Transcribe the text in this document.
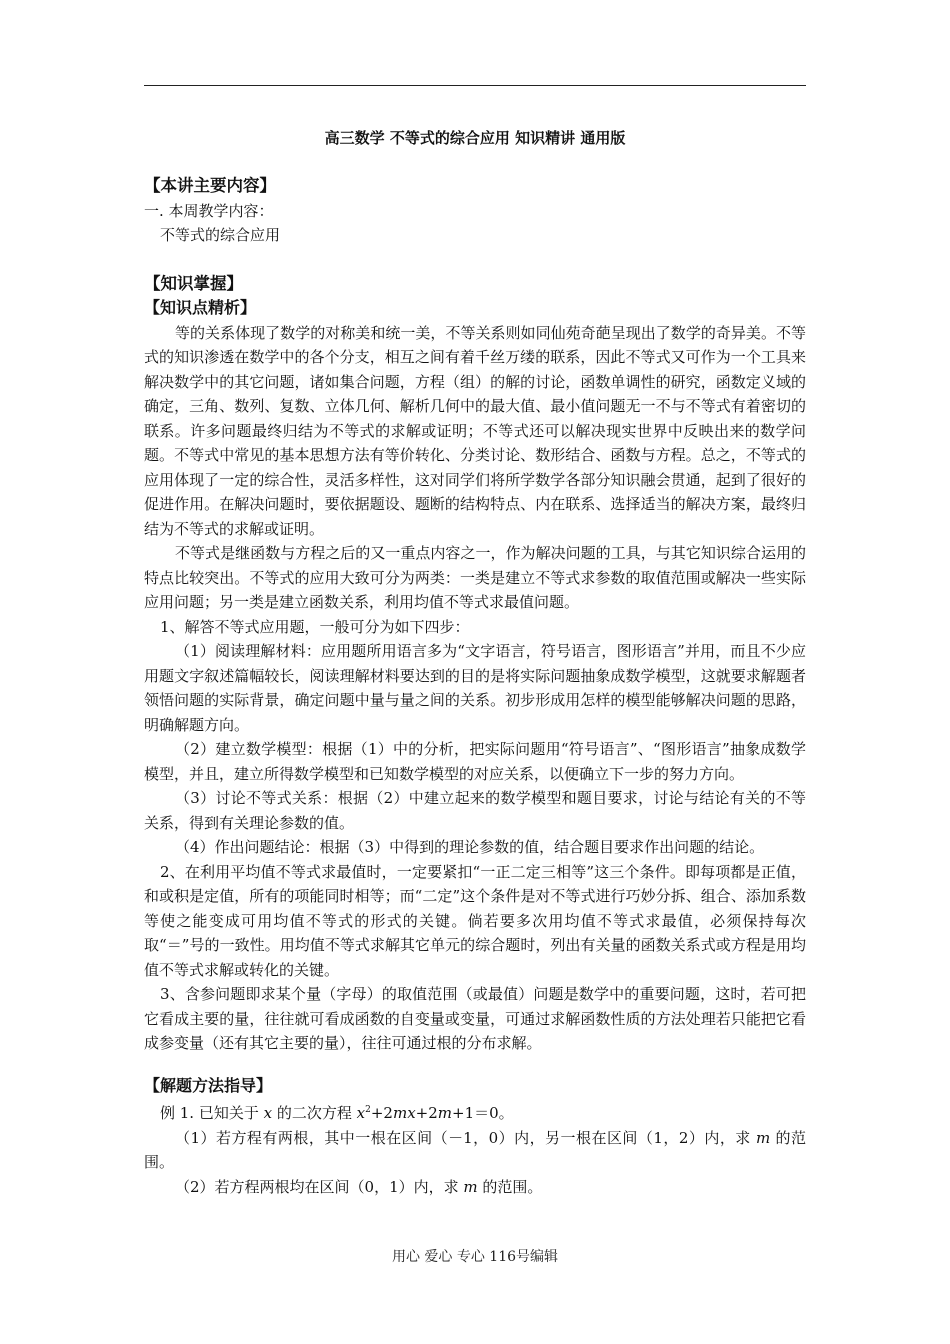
高三数学 不等式的综合应用 知识精讲 通用版

【本讲主要内容】

一. 本周教学内容：

不等式的综合应用

【知识掌握】

【知识点精析】

等的关系体现了数学的对称美和统一美，不等关系则如同仙苑奇葩呈现出了数学的奇异美。不等式的知识渗透在数学中的各个分支，相互之间有着千丝万缕的联系，因此不等式又可作为一个工具来解决数学中的其它问题，诸如集合问题，方程（组）的解的讨论，函数单调性的研究，函数定义域的确定，三角、数列、复数、立体几何、解析几何中的最大值、最小值问题无一不与不等式有着密切的联系。许多问题最终归结为不等式的求解或证明；不等式还可以解决现实世界中反映出来的数学问题。不等式中常见的基本思想方法有等价转化、分类讨论、数形结合、函数与方程。总之，不等式的应用体现了一定的综合性，灵活多样性，这对同学们将所学数学各部分知识融会贯通，起到了很好的促进作用。在解决问题时，要依据题设、题断的结构特点、内在联系、选择适当的解决方案，最终归结为不等式的求解或证明。

不等式是继函数与方程之后的又一重点内容之一，作为解决问题的工具，与其它知识综合运用的特点比较突出。不等式的应用大致可分为两类：一类是建立不等式求参数的取值范围或解决一些实际应用问题；另一类是建立函数关系，利用均值不等式求最值问题。

1、解答不等式应用题，一般可分为如下四步：

（1）阅读理解材料：应用题所用语言多为“文字语言，符号语言，图形语言”并用，而且不少应用题文字叙述篇幅较长，阅读理解材料要达到的目的是将实际问题抽象成数学模型，这就要求解题者领悟问题的实际背景，确定问题中量与量之间的关系。初步形成用怎样的模型能够解决问题的思路，明确解题方向。

（2）建立数学模型：根据（1）中的分析，把实际问题用“符号语言”、“图形语言”抽象成数学模型，并且，建立所得数学模型和已知数学模型的对应关系，以便确立下一步的努力方向。

（3）讨论不等式关系：根据（2）中建立起来的数学模型和题目要求，讨论与结论有关的不等关系，得到有关理论参数的值。

（4）作出问题结论：根据（3）中得到的理论参数的值，结合题目要求作出问题的结论。

2、在利用平均值不等式求最值时，一定要紧扣“一正二定三相等”这三个条件。即每项都是正值，和或积是定值，所有的项能同时相等；而“二定”这个条件是对不等式进行巧妙分拆、组合、添加系数等使之能变成可用均值不等式的形式的关键。倘若要多次用均值不等式求最值，必须保持每次取“＝”号的一致性。用均值不等式求解其它单元的综合题时，列出有关量的函数关系式或方程是用均值不等式求解或转化的关键。

3、含参问题即求某个量（字母）的取值范围（或最值）问题是数学中的重要问题，这时，若可把它看成主要的量，往往就可看成函数的自变量或变量，可通过求解函数性质的方法处理若只能把它看成参变量（还有其它主要的量），往往可通过根的分布求解。

【解题方法指导】

例 1. 已知关于 x 的二次方程 $x^2+2mx+2m+1=0$。

（1）若方程有两根，其中一根在区间（－1，0）内，另一根在区间（1，2）内，求 m 的范围。

（2）若方程两根均在区间（0，1）内，求 m 的范围。

用心 爱心 专心 116号编辑
